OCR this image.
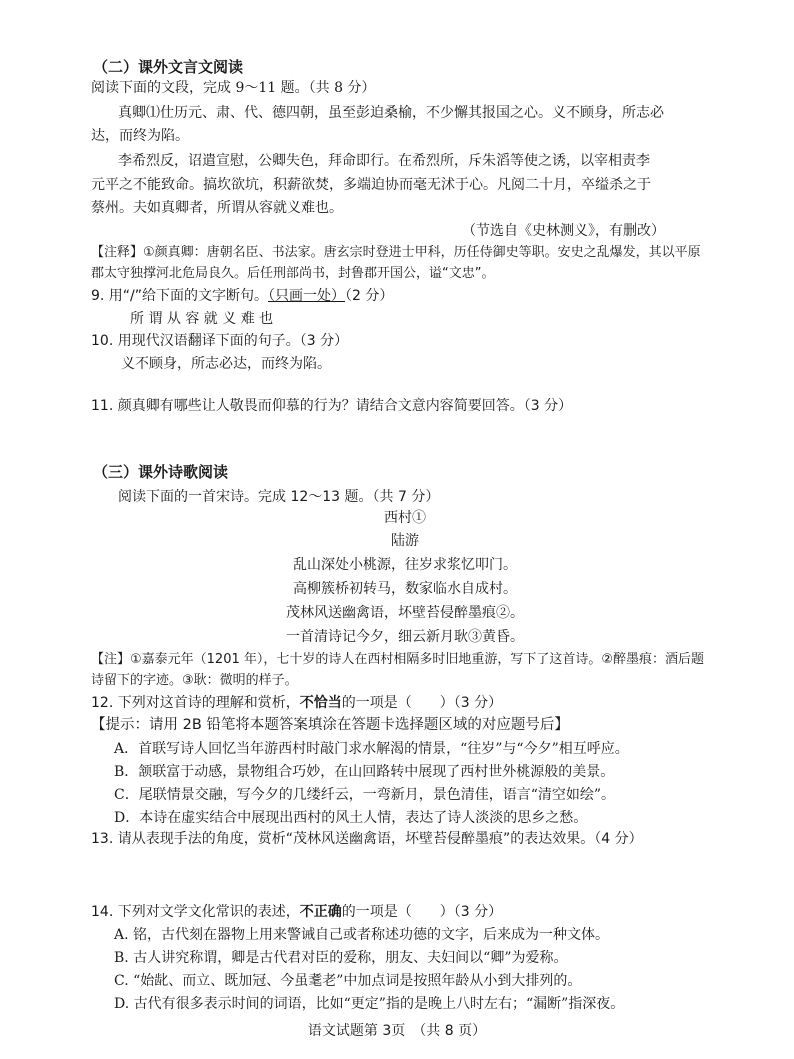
（二）课外文言文阅读
阅读下面的文段，完成 9～11 题。（共 8 分）
真卿⑴仕历元、肃、代、德四朝，虽至彭迫桑榆，不少懈其报国之心。义不顾身，所志必
达，而终为陷。
李希烈反，诏遣宣慰，公卿失色，拜命即行。在希烈所，斥朱滔等使之诱，以宰相责李
元平之不能致命。搞坎欲坑，积薪欲焚，多端迫协而毫无沭于心。凡阅二十月，卒缢杀之于
蔡州。夫如真卿者，所谓从容就义难也。
（节选自《史林测义》，有删改）
【注释】①颜真卿：唐朝名臣、书法家。唐玄宗时登进士甲科，历任侍御史等职。安史之乱爆发，其以平原
郡太守独撑河北危局良久。后任刑部尚书，封鲁郡开国公，谥“文忠”。
9. 用“/”给下面的文字断句。（只画一处）（2 分）
所 谓 从 容 就 义 难 也
10. 用现代汉语翻译下面的句子。（3 分）
义不顾身，所志必达，而终为陷。
11. 颜真卿有哪些让人敬畏而仰慕的行为？请结合文意内容简要回答。（3 分）
（三）课外诗歌阅读
阅读下面的一首宋诗。完成 12～13 题。（共 7 分）
西村①
陆游
乱山深处小桃源，往岁求浆忆叩门。
高柳簇桥初转马，数家临水自成村。
茂林风送幽禽语，坏壁苔侵醉墨痕②。
一首清诗记今夕，细云新月耿③黄昏。
【注】①嘉泰元年（1201 年），七十岁的诗人在西村相隔多时旧地重游，写下了这首诗。②醉墨痕：酒后题
诗留下的字迹。③耿：微明的样子。
12. 下列对这首诗的理解和赏析，不恰当的一项是（　　）（3 分）
【提示：请用 2B 铅笔将本题答案填涂在答题卡选择题区域的对应题号后】
A．首联写诗人回忆当年游西村时敲门求水解渴的情景，“往岁”与“今夕”相互呼应。
B．颔联富于动感，景物组合巧妙，在山回路转中展现了西村世外桃源般的美景。
C．尾联情景交融，写今夕的几缕纤云，一弯新月，景色清佳，语言“清空如绘”。
D．本诗在虚实结合中展现出西村的风土人情，表达了诗人淡淡的思乡之愁。
13. 请从表现手法的角度，赏析“茂林风送幽禽语，坏壁苔侵醉墨痕”的表达效果。（4 分）
14. 下列对文学文化常识的表述，不正确的一项是（　　）（3 分）
A. 铭，古代刻在器物上用来警诫自己或者称述功德的文字，后来成为一种文体。
B. 古人讲究称谓，卿是古代君对臣的爱称，朋友、夫妇间以“卿”为爱称。
C. “始龀、而立、既加冠、今虽耄老”中加点词是按照年龄从小到大排列的。
D. 古代有很多表示时间的词语，比如“更定”指的是晚上八时左右；“漏断”指深夜。
语文试题第 3页　（共 8 页）
